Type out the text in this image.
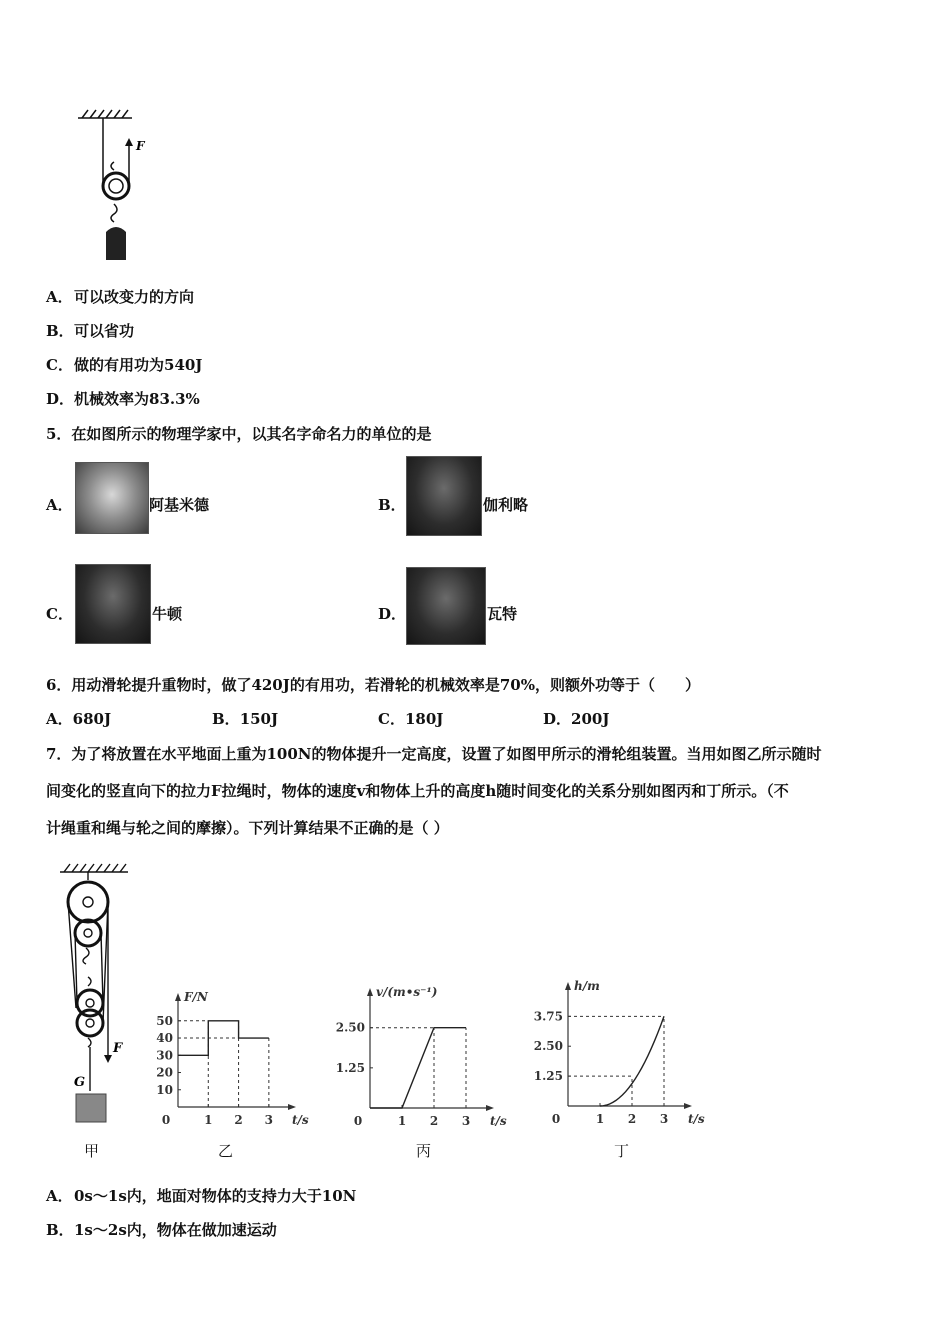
F
A．可以改变力的方向
B．可以省功
C．做的有用功为540J
D．机械效率为83.3%
5．在如图所示的物理学家中，以其名字命名力的单位的是
A．	阿基米德	B．	伽利略
C．	牛顿	D．	瓦特
6．用动滑轮提升重物时，做了420J的有用功，若滑轮的机械效率是70%，则额外功等于（　　）
A．680J	B．150J	C．180J	D．200J
7．为了将放置在水平地面上重为100N的物体提升一定高度，设置了如图甲所示的滑轮组装置。当用如图乙所示随时
间变化的竖直向下的拉力F拉绳时，物体的速度v和物体上升的高度h随时间变化的关系分别如图丙和丁所示。（不
计绳重和绳与轮之间的摩擦）。下列计算结果不正确的是（ ）
F
G
甲
0	1 2 3
10
20
30
40
50
t/s
F/N
乙
0	1 2 3
1.25
2.50
t/s
v/(m•s⁻¹)
丙
0	1 2 3
1.25
2.50
3.75
t/s
h/m
丁
A．0s～1s内，地面对物体的支持力大于10N
B．1s～2s内，物体在做加速运动
